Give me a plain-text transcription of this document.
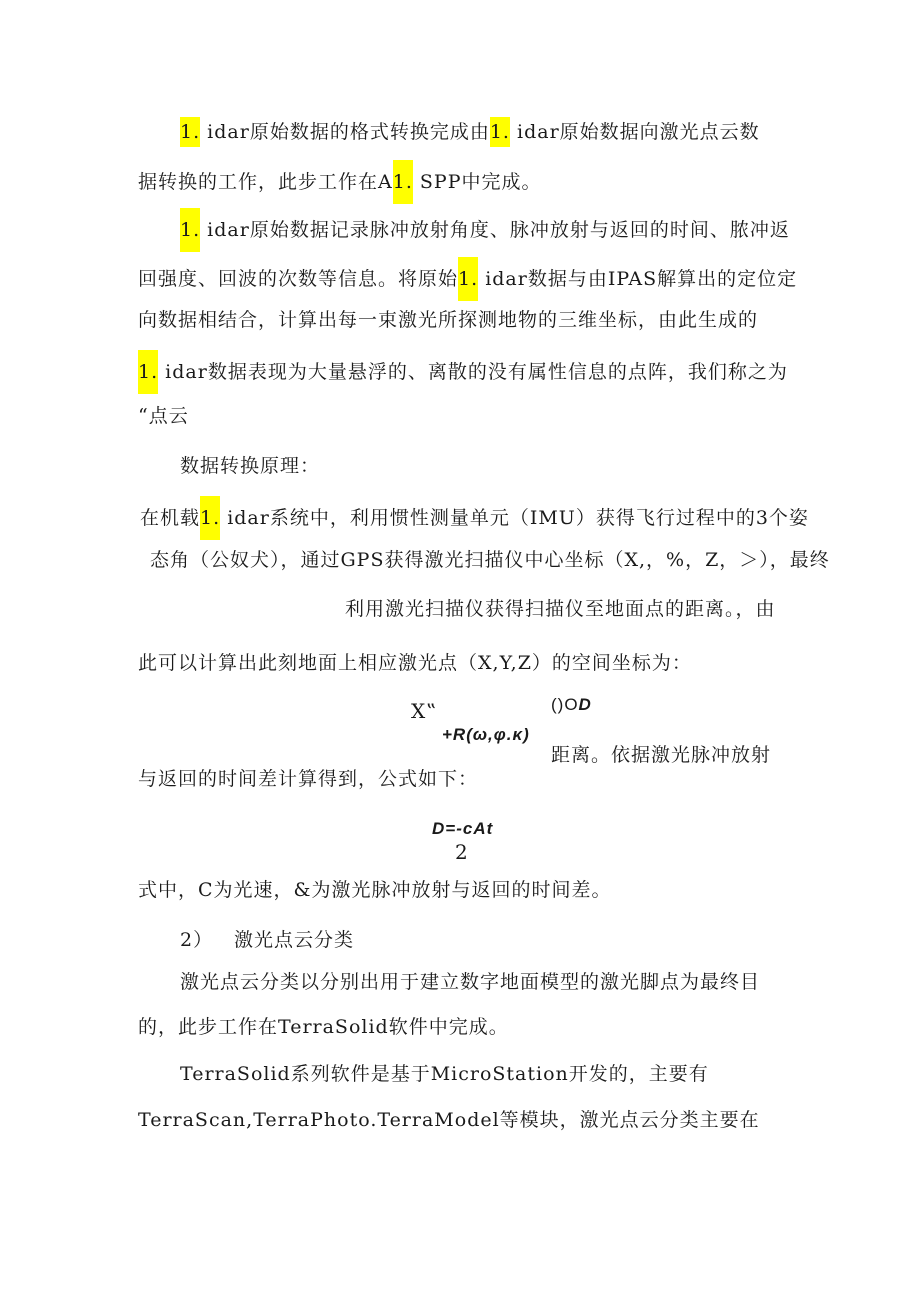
1. idar原始数据的格式转换完成由1. idar原始数据向激光点云数
据转换的工作，此步工作在A1. SPP中完成。
1. idar原始数据记录脉冲放射角度、脉冲放射与返回的时间、脓冲返
回强度、回波的次数等信息。将原始1. idar数据与由IPAS解算出的定位定
向数据相结合，计算出每一束激光所探测地物的三维坐标，由此生成的
1. idar数据表现为大量悬浮的、离散的没有属性信息的点阵，我们称之为
“点云
数据转换原理：
在机载1. idar系统中，利用惯性测量单元（IMU）获得飞行过程中的3个姿
态角（公奴犬），通过GPS获得激光扫描仪中心坐标（X,，%，Z，＞），最终
利用激光扫描仪获得扫描仪至地面点的距离。，由
此可以计算出此刻地面上相应激光点（X,Y,Z）的空间坐标为：
X‟	()OD
+R(ω,φ.κ)
距离。依据激光脉冲放射
与返回的时间差计算得到，公式如下：
D=-cAt
2
式中，C为光速，&为激光脉冲放射与返回的时间差。
2） 激光点云分类
激光点云分类以分别出用于建立数字地面模型的激光脚点为最终目
的，此步工作在TerraSolid软件中完成。
TerraSolid系列软件是基于MicroStation开发的，主要有
TerraScan,TerraPhoto.TerraModel等模块，激光点云分类主要在
